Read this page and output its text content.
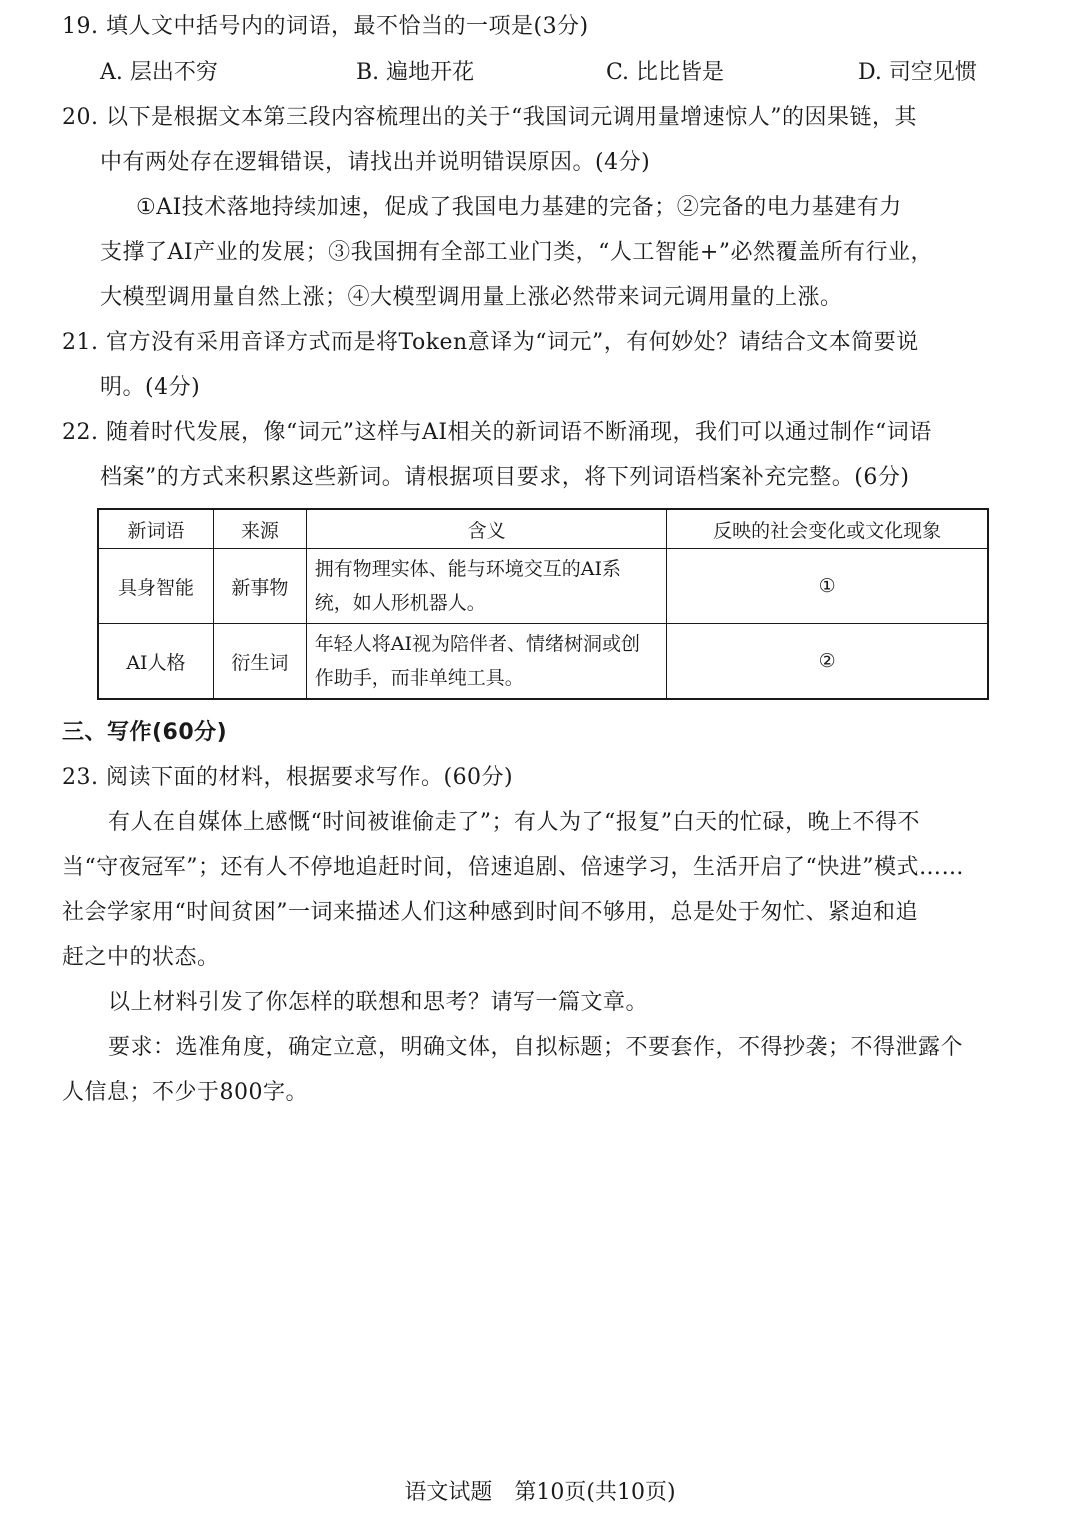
19. 填人文中括号内的词语，最不恰当的一项是(3分)
A. 层出不穷	B. 遍地开花	C. 比比皆是	D. 司空见惯
20. 以下是根据文本第三段内容梳理出的关于“我国词元调用量增速惊人”的因果链，其
中有两处存在逻辑错误，请找出并说明错误原因。(4分)
①AI技术落地持续加速，促成了我国电力基建的完备；②完备的电力基建有力
支撑了AI产业的发展；③我国拥有全部工业门类，“人工智能+”必然覆盖所有行业，
大模型调用量自然上涨；④大模型调用量上涨必然带来词元调用量的上涨。
21. 官方没有采用音译方式而是将Token意译为“词元”，有何妙处？请结合文本简要说
明。(4分)
22. 随着时代发展，像“词元”这样与AI相关的新词语不断涌现，我们可以通过制作“词语
档案”的方式来积累这些新词。请根据项目要求，将下列词语档案补充完整。(6分)
新词语	来源	含义	反映的社会变化或文化现象
具身智能	新事物	拥有物理实体、能与环境交互的AI系统，如人形机器人。	①
AI人格	衍生词	年轻人将AI视为陪伴者、情绪树洞或创作助手，而非单纯工具。	②
三、写作(60分)
23. 阅读下面的材料，根据要求写作。(60分)
有人在自媒体上感慨“时间被谁偷走了”；有人为了“报复”白天的忙碌，晚上不得不
当“守夜冠军”；还有人不停地追赶时间，倍速追剧、倍速学习，生活开启了“快进”模式……
社会学家用“时间贫困”一词来描述人们这种感到时间不够用，总是处于匆忙、紧迫和追
赶之中的状态。
以上材料引发了你怎样的联想和思考？请写一篇文章。
要求：选准角度，确定立意，明确文体，自拟标题；不要套作，不得抄袭；不得泄露个
人信息；不少于800字。
语文试题　第10页(共10页)
